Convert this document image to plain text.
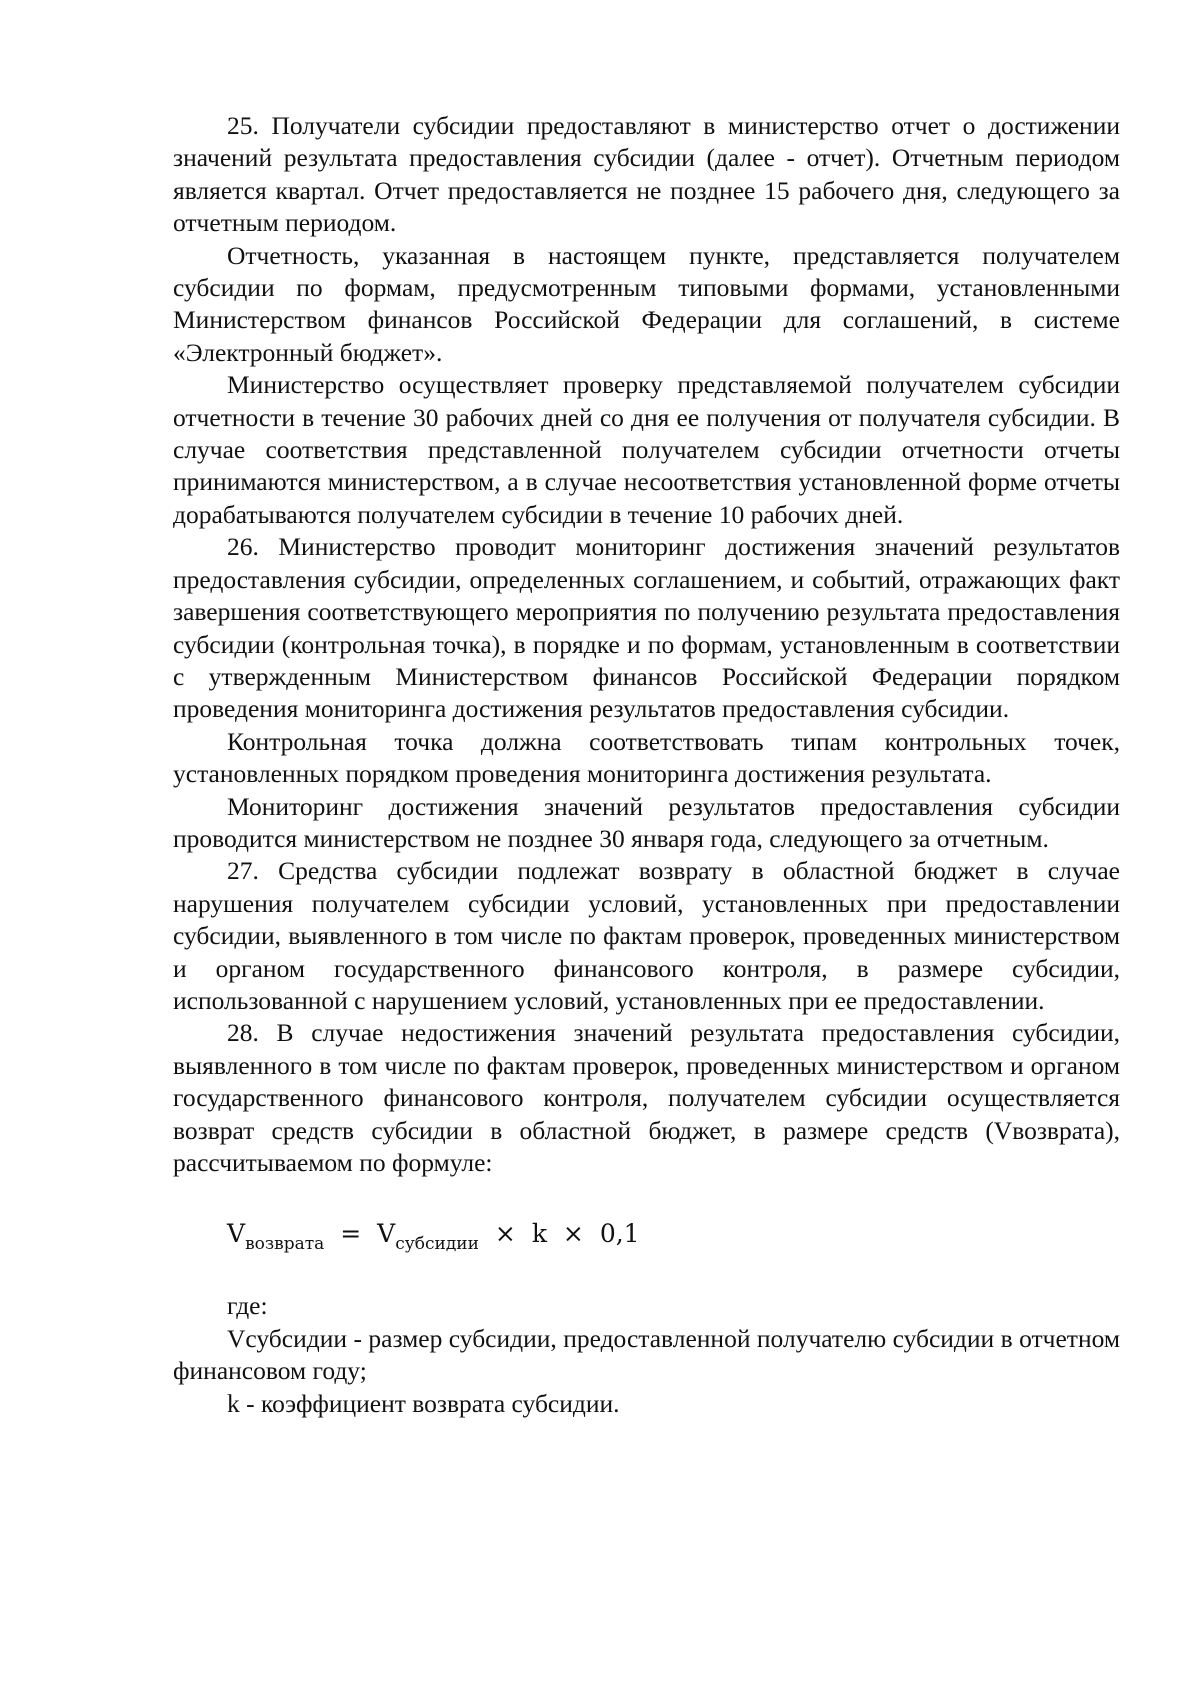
25. Получатели субсидии предоставляют в министерство отчет о достижении значений результата предоставления субсидии (далее - отчет). Отчетным периодом является квартал. Отчет предоставляется не позднее 15 рабочего дня, следующего за отчетным периодом.

Отчетность, указанная в настоящем пункте, представляется получателем субсидии по формам, предусмотренным типовыми формами, установленными Министерством финансов Российской Федерации для соглашений, в системе «Электронный бюджет».

Министерство осуществляет проверку представляемой получателем субсидии отчетности в течение 30 рабочих дней со дня ее получения от получателя субсидии. В случае соответствия представленной получателем субсидии отчетности отчеты принимаются министерством, а в случае несоответствия установленной форме отчеты дорабатываются получателем субсидии в течение 10 рабочих дней.

26. Министерство проводит мониторинг достижения значений результатов предоставления субсидии, определенных соглашением, и событий, отражающих факт завершения соответствующего мероприятия по получению результата предоставления субсидии (контрольная точка), в порядке и по формам, установленным в соответствии с утвержденным Министерством финансов Российской Федерации порядком проведения мониторинга достижения результатов предоставления субсидии.

Контрольная точка должна соответствовать типам контрольных точек, установленных порядком проведения мониторинга достижения результата.

Мониторинг достижения значений результатов предоставления субсидии проводится министерством не позднее 30 января года, следующего за отчетным.

27. Средства субсидии подлежат возврату в областной бюджет в случае нарушения получателем субсидии условий, установленных при предоставлении субсидии, выявленного в том числе по фактам проверок, проведенных министерством и органом государственного финансового контроля, в размере субсидии, использованной с нарушением условий, установленных при ее предоставлении.

28. В случае недостижения значений результата предоставления субсидии, выявленного в том числе по фактам проверок, проведенных министерством и органом государственного финансового контроля, получателем субсидии осуществляется возврат средств субсидии в областной бюджет, в размере средств (Vвозврата), рассчитываемом по формуле:

$V_{возврата} = V_{субсидии} \times k \times 0,1$

где:

Vсубсидии - размер субсидии, предоставленной получателю субсидии в отчетном финансовом году;

k - коэффициент возврата субсидии.
